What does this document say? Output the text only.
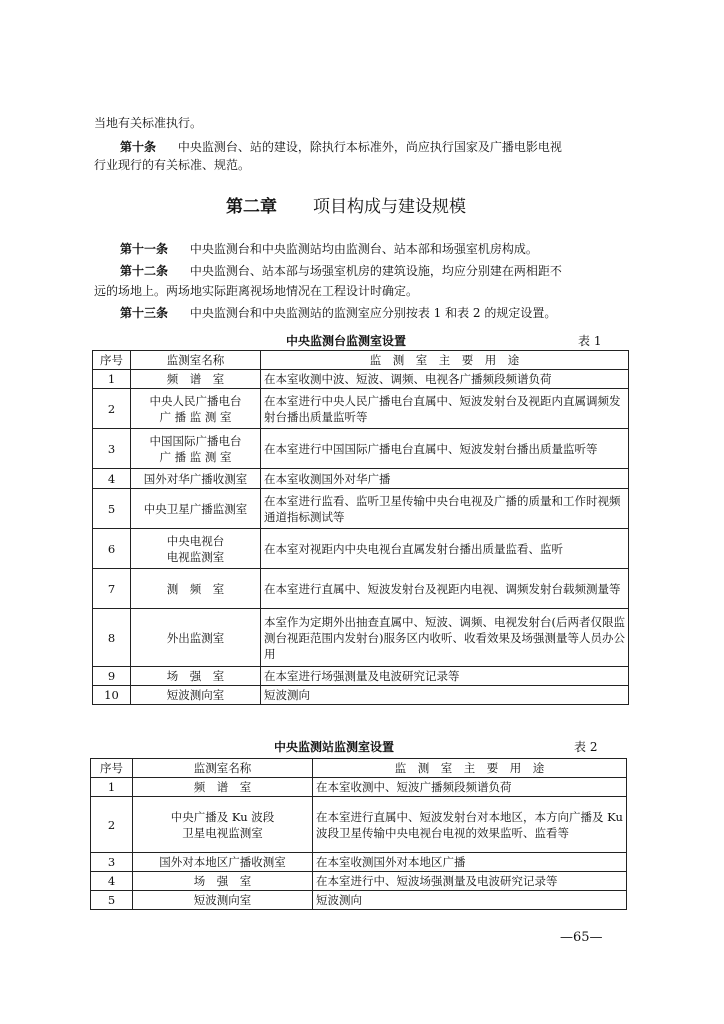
当地有关标准执行。
第十条 中央监测台、站的建设，除执行本标准外，尚应执行国家及广播电影电视
行业现行的有关标准、规范。
第二章 项目构成与建设规模
第十一条 中央监测台和中央监测站均由监测台、站本部和场强室机房构成。
第十二条 中央监测台、站本部与场强室机房的建筑设施，均应分别建在两相距不
远的场地上。两场地实际距离视场地情况在工程设计时确定。
第十三条 中央监测台和中央监测站的监测室应分别按表 1 和表 2 的规定设置。
中央监测台监测室设置	表 1
序号	监测室名称	监　测　室　主　要　用　途
1	频　谱　室	在本室收测中波、短波、调频、电视各广播频段频谱负荷
2	中央人民广播电台
广 播 监 测 室	在本室进行中央人民广播电台直属中、短波发射台及视距内直属调频发射台播出质量监听等
3	中国国际广播电台
广 播 监 测 室	在本室进行中国国际广播电台直属中、短波发射台播出质量监听等
4	国外对华广播收测室	在本室收测国外对华广播
5	中央卫星广播监测室	在本室进行监看、监听卫星传输中央台电视及广播的质量和工作时视频通道指标测试等
6	中央电视台
电视监测室	在本室对视距内中央电视台直属发射台播出质量监看、监听
7	测　频　室	在本室进行直属中、短波发射台及视距内电视、调频发射台载频测量等
8	外出监测室	本室作为定期外出抽查直属中、短波、调频、电视发射台(后两者仅限监测台视距范围内发射台)服务区内收听、收看效果及场强测量等人员办公用
9	场　强　室	在本室进行场强测量及电波研究记录等
10	短波测向室	短波测向
中央监测站监测室设置	表 2
序号	监测室名称	监　测　室　主　要　用　途
1	频　谱　室	在本室收测中、短波广播频段频谱负荷
2	中央广播及 Ku 波段
卫星电视监测室	在本室进行直属中、短波发射台对本地区，本方向广播及 Ku 波段卫星传输中央电视台电视的效果监听、监看等
3	国外对本地区广播收测室	在本室收测国外对本地区广播
4	场　强　室	在本室进行中、短波场强测量及电波研究记录等
5	短波测向室	短波测向
—65—
